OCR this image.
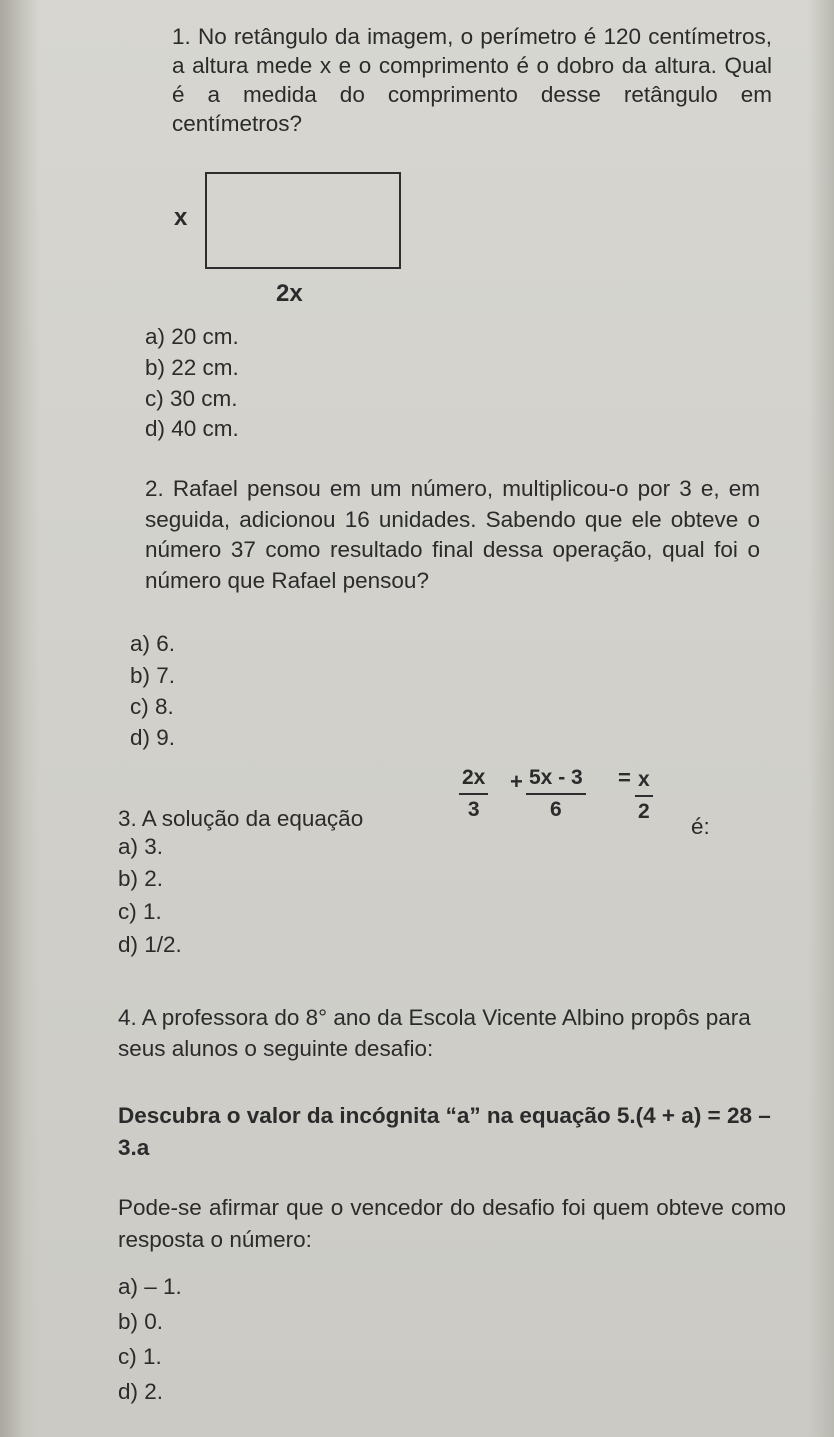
1. No retângulo da imagem, o perímetro é 120 centímetros, a altura mede x e o comprimento é o dobro da altura. Qual é a medida do comprimento desse retângulo em centímetros?

x
2x

a) 20 cm.

b) 22 cm.

c) 30 cm.

d) 40 cm.

2. Rafael pensou em um número, multiplicou-o por 3 e, em seguida, adicionou 16 unidades. Sabendo que ele obteve o número 37 como resultado final dessa operação, qual foi o número que Rafael pensou?

a) 6.

b) 7.

c) 8.

d) 9.

3. A solução da equação	$\frac{2x}{3} + \frac{5x - 3}{6} = \frac{x}{2}$
é:

a) 3.

b) 2.

c) 1.

d) 1/2.

4. A professora do 8° ano da Escola Vicente Albino propôs para seus alunos o seguinte desafio:

Descubra o valor da incógnita “a” na equação 5.(4 + a) = 28 – 3.a

Pode-se afirmar que o vencedor do desafio foi quem obteve como resposta o número:

a) – 1.

b) 0.

c) 1.

d) 2.
